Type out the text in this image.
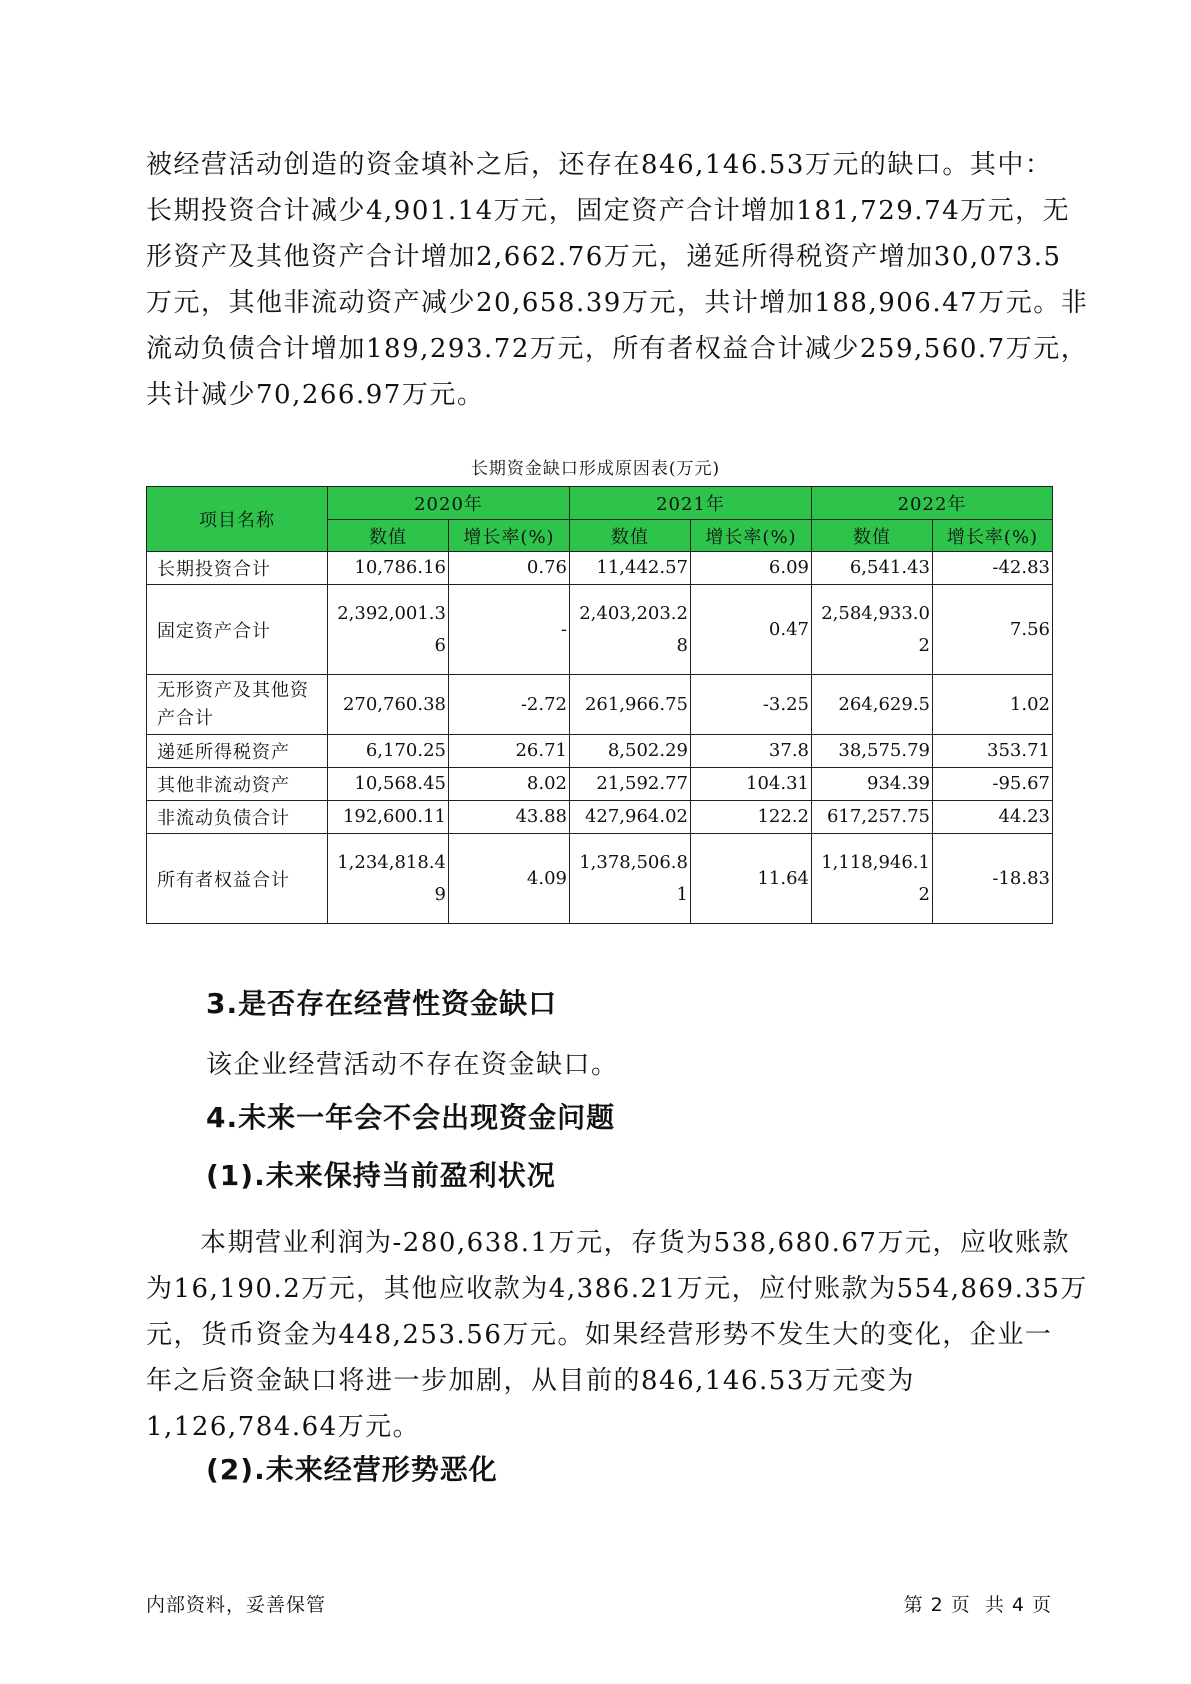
被经营活动创造的资金填补之后，还存在846,146.53万元的缺口。其中：
长期投资合计减少4,901.14万元，固定资产合计增加181,729.74万元，无
形资产及其他资产合计增加2,662.76万元，递延所得税资产增加30,073.5
万元，其他非流动资产减少20,658.39万元，共计增加188,906.47万元。非
流动负债合计增加189,293.72万元，所有者权益合计减少259,560.7万元，
共计减少70,266.97万元。
长期资金缺口形成原因表(万元)
项目名称	2020年		2021年		2022年	
	数值	增长率(%)	数值	增长率(%)	数值	增长率(%)
长期投资合计	10,786.16	0.76	11,442.57	6.09	6,541.43	-42.83
固定资产合计	2,392,001.36	-	2,403,203.28	0.47	2,584,933.02	7.56
无形资产及其他资产合计	270,760.38	-2.72	261,966.75	-3.25	264,629.5	1.02
递延所得税资产	6,170.25	26.71	8,502.29	37.8	38,575.79	353.71
其他非流动资产	10,568.45	8.02	21,592.77	104.31	934.39	-95.67
非流动负债合计	192,600.11	43.88	427,964.02	122.2	617,257.75	44.23
所有者权益合计	1,234,818.49	4.09	1,378,506.81	11.64	1,118,946.12	-18.83
3.是否存在经营性资金缺口
该企业经营活动不存在资金缺口。
4.未来一年会不会出现资金问题
(1).未来保持当前盈利状况
本期营业利润为-280,638.1万元，存货为538,680.67万元，应收账款
为16,190.2万元，其他应收款为4,386.21万元，应付账款为554,869.35万
元，货币资金为448,253.56万元。如果经营形势不发生大的变化，企业一
年之后资金缺口将进一步加剧，从目前的846,146.53万元变为
1,126,784.64万元。
(2).未来经营形势恶化
内部资料，妥善保管	第 2 页  共 4 页
